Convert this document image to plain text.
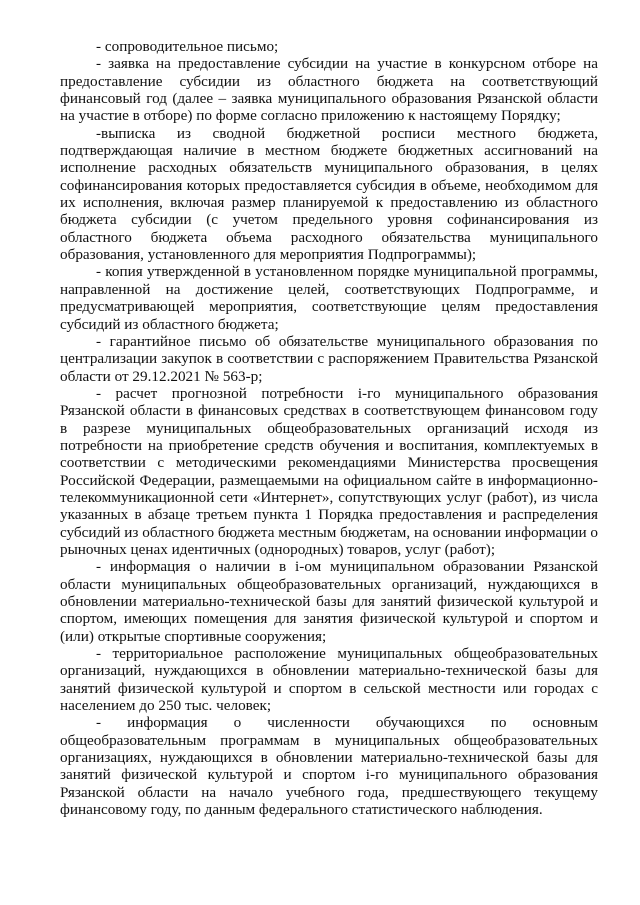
- сопроводительное письмо;

- заявка на предоставление субсидии на участие в конкурсном отборе на предоставление субсидии из областного бюджета на соответствующий финансовый год (далее – заявка муниципального образования Рязанской области на участие в отборе) по форме согласно приложению к настоящему Порядку;

-выписка из сводной бюджетной росписи местного бюджета, подтверждающая наличие в местном бюджете бюджетных ассигнований на исполнение расходных обязательств муниципального образования, в целях софинансирования которых предоставляется субсидия в объеме, необходимом для их исполнения, включая размер планируемой к предоставлению из областного бюджета субсидии (с учетом предельного уровня софинансирования из областного бюджета объема расходного обязательства муниципального образования, установленного для мероприятия Подпрограммы);

- копия утвержденной в установленном порядке муниципальной программы, направленной на достижение целей, соответствующих Подпрограмме, и предусматривающей мероприятия, соответствующие целям предоставления субсидий из областного бюджета;

- гарантийное письмо об обязательстве муниципального образования по централизации закупок в соответствии с распоряжением Правительства Рязанской области от 29.12.2021 № 563-р;

- расчет прогнозной потребности i-го муниципального образования Рязанской области в финансовых средствах в соответствующем финансовом году в разрезе муниципальных общеобразовательных организаций исходя из потребности на приобретение средств обучения и воспитания, комплектуемых в соответствии с методическими рекомендациями Министерства просвещения Российской Федерации, размещаемыми на официальном сайте в информационно-телекоммуникационной сети «Интернет», сопутствующих услуг (работ), из числа указанных в абзаце третьем пункта 1 Порядка предоставления и распределения субсидий из областного бюджета местным бюджетам, на основании информации о рыночных ценах идентичных (однородных) товаров, услуг (работ);

- информация о наличии в i-ом муниципальном образовании Рязанской области муниципальных общеобразовательных организаций, нуждающихся в обновлении материально-технической базы для занятий физической культурой и спортом, имеющих помещения для занятия физической культурой и спортом и (или) открытые спортивные сооружения;

- территориальное расположение муниципальных общеобразовательных организаций, нуждающихся в обновлении материально-технической базы для занятий физической культурой и спортом в сельской местности или городах с населением до 250 тыс. человек;

- информация о численности обучающихся по основным общеобразовательным программам в муниципальных общеобразовательных организациях, нуждающихся в обновлении материально-технической базы для занятий физической культурой и спортом i-го муниципального образования Рязанской области на начало учебного года, предшествующего текущему финансовому году, по данным федерального статистического наблюдения.
